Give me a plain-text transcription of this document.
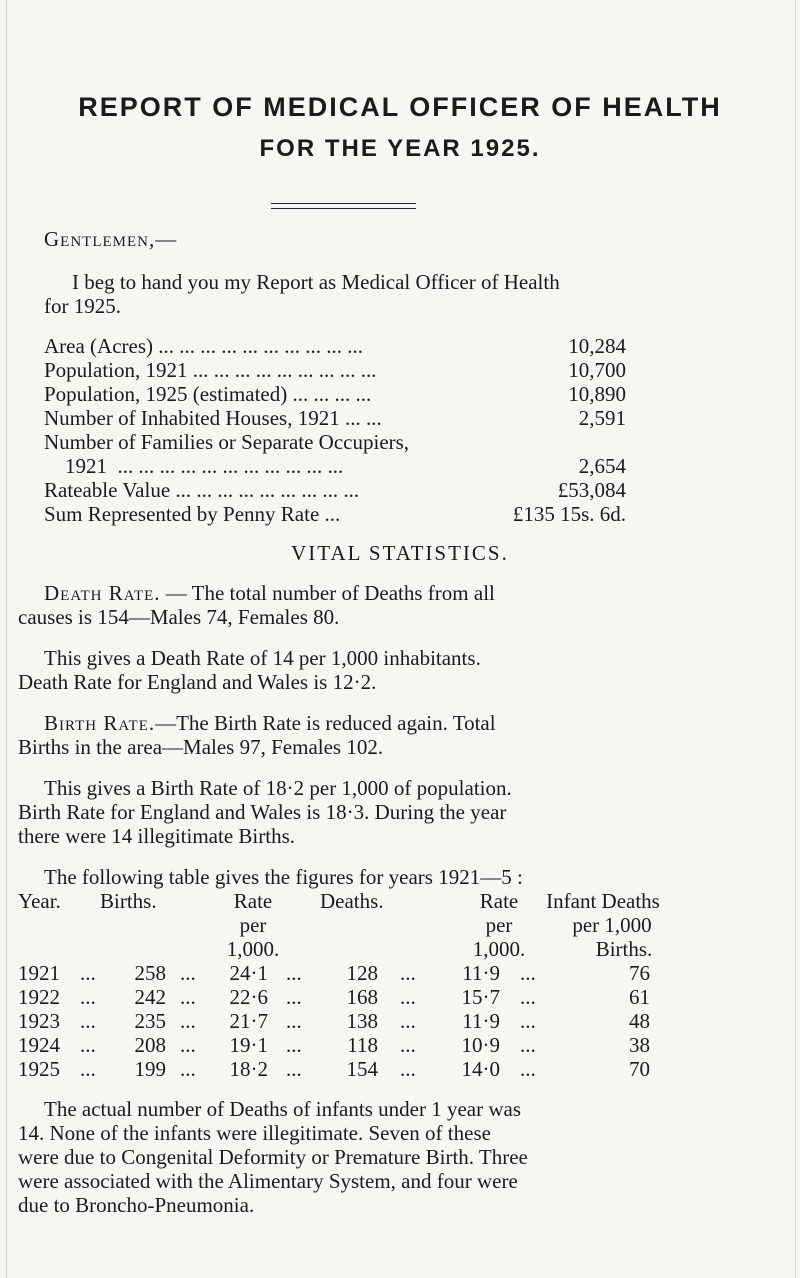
REPORT OF MEDICAL OFFICER OF HEALTH
FOR THE YEAR 1925.
Gentlemen,—
I beg to hand you my Report as Medical Officer of Health
for 1925.
Area (Acres) ... ... ... ... ... ... ... ... ... ...	10,284
Population, 1921 ... ... ... ... ... ... ... ... ...	10,700
Population, 1925 (estimated) ... ... ... ...	10,890
Number of Inhabited Houses, 1921 ... ...	2,591
Number of Families or Separate Occupiers,
1921  ... ... ... ... ... ... ... ... ... ... ...	2,654
Rateable Value ... ... ... ... ... ... ... ... ...	£53,084
Sum Represented by Penny Rate ...	£135 15s. 6d.
VITAL STATISTICS.
Death Rate. — The total number of Deaths from all
causes is 154—Males 74, Females 80.
This gives a Death Rate of 14 per 1,000 inhabitants.
Death Rate for England and Wales is 12·2.
Birth Rate.—The Birth Rate is reduced again. Total
Births in the area—Males 97, Females 102.
This gives a Birth Rate of 18·2 per 1,000 of population.
Birth Rate for England and Wales is 18·3. During the year
there were 14 illegitimate Births.
The following table gives the figures for years 1921—5 :
Year. Births.	Rate
per
1,000.
Deaths.	Rate
per
1,000.
Infant Deaths
per 1,000
Births.
1921 ...	258 ...	24·1 ...	128 ...	11·9 ...	76
1922 ...	242 ...	22·6 ...	168 ...	15·7 ...	61
1923 ...	235 ...	21·7 ...	138 ...	11·9 ...	48
1924 ...	208 ...	19·1 ...	118 ...	10·9 ...	38
1925 ...	199 ...	18·2 ...	154 ...	14·0 ...	70
The actual number of Deaths of infants under 1 year was
14. None of the infants were illegitimate. Seven of these
were due to Congenital Deformity or Premature Birth. Three
were associated with the Alimentary System, and four were
due to Broncho-Pneumonia.
